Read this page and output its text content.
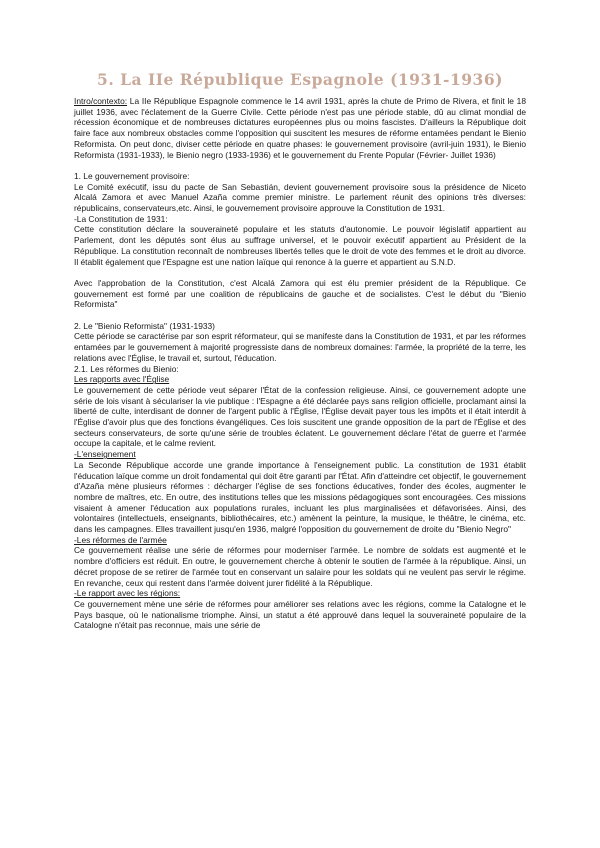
5. La IIe République Espagnole (1931-1936)

Intro/contexto: La IIe République Espagnole commence le 14 avril 1931, après la chute de Primo de Rivera, et finit le 18 juillet 1936, avec l'éclatement de la Guerre Civile. Cette période n'est pas une période stable, dû au climat mondial de récession économique et de nombreuses dictatures européennes plus ou moins fascistes. D'ailleurs la République doit faire face aux nombreux obstacles comme l'opposition qui suscitent les mesures de réforme entamées pendant le Bienio Reformista. On peut donc, diviser cette période en quatre phases: le gouvernement provisoire (avril-juin 1931), le Bienio Reformista (1931-1933), le Bienio negro (1933-1936) et le gouvernement du Frente Popular (Février- Juillet 1936)

1. Le gouvernement provisoire:

Le Comité exécutif, issu du pacte de San Sebastián, devient gouvernement provisoire sous la présidence de Niceto Alcalá Zamora et avec Manuel Azaña comme premier ministre. Le parlement réunit des opinions très diverses: républicains, conservateurs,etc. Ainsi, le gouvernement provisoire approuve la Constitution de 1931.

-La Constitution de 1931:

Cette constitution déclare la souveraineté populaire et les statuts d'autonomie. Le pouvoir législatif appartient au Parlement, dont les députés sont élus au suffrage universel, et le pouvoir exécutif appartient au Président de la République. La constitution reconnaît de nombreuses libertés telles que le droit de vote des femmes et le droit au divorce. Il établit également que l'Espagne est une nation laïque qui renonce à la guerre et appartient au S.N.D.

Avec l'approbation de la Constitution, c'est Alcalá Zamora qui est élu premier président de la République. Ce gouvernement est formé par une coalition de républicains de gauche et de socialistes. C'est le début du "Bienio Reformista"

2. Le "Bienio Reformista" (1931-1933)

Cette période se caractérise par son esprit réformateur, qui se manifeste dans la Constitution de 1931, et par les réformes entamées par le gouvernement à majorité progressiste dans de nombreux domaines: l'armée, la propriété de la terre, les relations avec l'Église, le travail et, surtout, l'éducation.

2.1. Les réformes du Bienio:

Les rapports avec l'Église

Le gouvernement de cette période veut séparer l'État de la confession religieuse. Ainsi, ce gouvernement adopte une série de lois visant à séculariser la vie publique : l'Espagne a été déclarée pays sans religion officielle, proclamant ainsi la liberté de culte, interdisant de donner de l'argent public à l'Église, l'Église devait payer tous les impôts et il était interdit à l'Église d'avoir plus que des fonctions évangéliques. Ces lois suscitent une grande opposition de la part de l'Église et des secteurs conservateurs, de sorte qu'une série de troubles éclatent. Le gouvernement déclare l'état de guerre et l'armée occupe la capitale, et le calme revient.

-L'enseignement

La Seconde République accorde une grande importance à l'enseignement public. La constitution de 1931 établit l'éducation laïque comme un droit fondamental qui doit être garanti par l'État. Afin d'atteindre cet objectif, le gouvernement d'Azaña mène plusieurs réformes : décharger l'église de ses fonctions éducatives, fonder des écoles, augmenter le nombre de maîtres, etc. En outre, des institutions telles que les missions pédagogiques sont encouragées. Ces missions visaient à amener l'éducation aux populations rurales, incluant les plus marginalisées et défavorisées. Ainsi, des volontaires (intellectuels, enseignants, bibliothécaires, etc.) amènent la peinture, la musique, le théâtre, le cinéma, etc. dans les campagnes. Elles travaillent jusqu'en 1936, malgré l'opposition du gouvernement de droite du "Bienio Negro"

-Les réformes de l'armée

Ce gouvernement réalise une série de réformes pour moderniser l'armée. Le nombre de soldats est augmenté et le nombre d'officiers est réduit. En outre, le gouvernement cherche à obtenir le soutien de l'armée à la république. Ainsi, un décret propose de se retirer de l'armée tout en conservant un salaire pour les soldats qui ne veulent pas servir le régime. En revanche, ceux qui restent dans l'armée doivent jurer fidélité à la République.

-Le rapport avec les régions:

Ce gouvernement mène une série de réformes pour améliorer ses relations avec les régions, comme la Catalogne et le Pays basque, où le nationalisme triomphe. Ainsi, un statut a été approuvé dans lequel la souveraineté populaire de la Catalogne n'était pas reconnue, mais une série de
